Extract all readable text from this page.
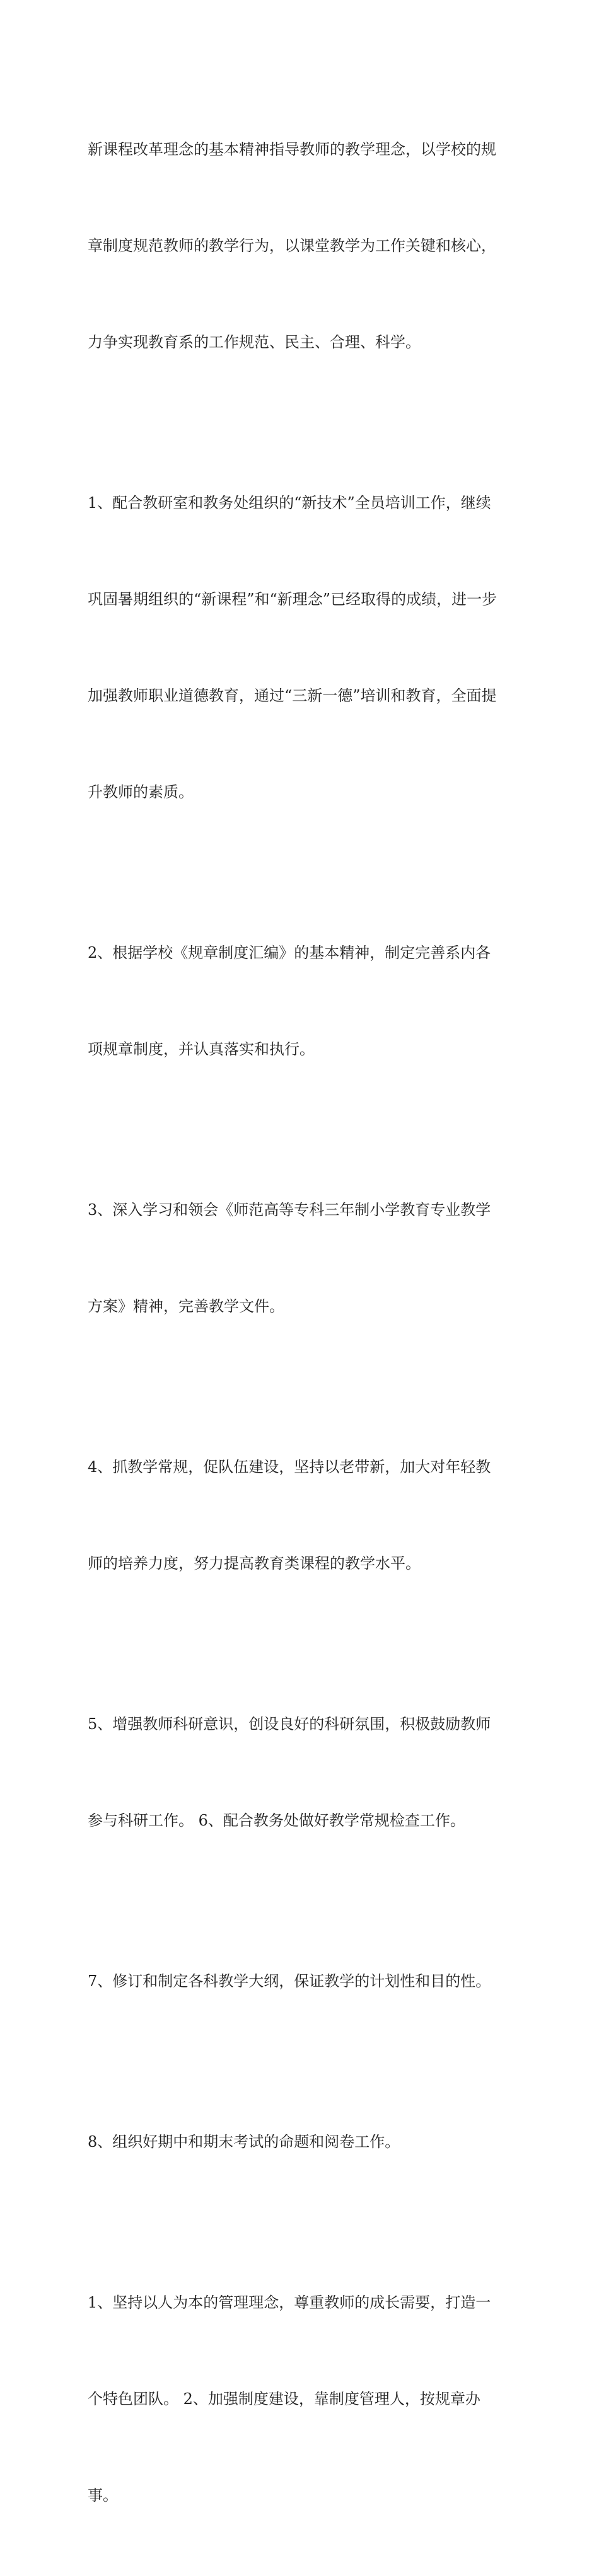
新课程改革理念的基本精神指导教师的教学理念，以学校的规

章制度规范教师的教学行为，以课堂教学为工作关键和核心，

力争实现教育系的工作规范、民主、合理、科学。

1、配合教研室和教务处组织的“新技术”全员培训工作，继续

巩固暑期组织的“新课程”和“新理念”已经取得的成绩，进一步

加强教师职业道德教育，通过“三新一德”培训和教育，全面提

升教师的素质。

2、根据学校《规章制度汇编》的基本精神，制定完善系内各

项规章制度，并认真落实和执行。

3、深入学习和领会《师范高等专科三年制小学教育专业教学

方案》精神，完善教学文件。

4、抓教学常规，促队伍建设，坚持以老带新，加大对年轻教

师的培养力度，努力提高教育类课程的教学水平。

5、增强教师科研意识，创设良好的科研氛围，积极鼓励教师

参与科研工作。 6、配合教务处做好教学常规检查工作。

7、修订和制定各科教学大纲，保证教学的计划性和目的性。

8、组织好期中和期末考试的命题和阅卷工作。

1、坚持以人为本的管理理念，尊重教师的成长需要，打造一

个特色团队。 2、加强制度建设，靠制度管理人，按规章办

事。
